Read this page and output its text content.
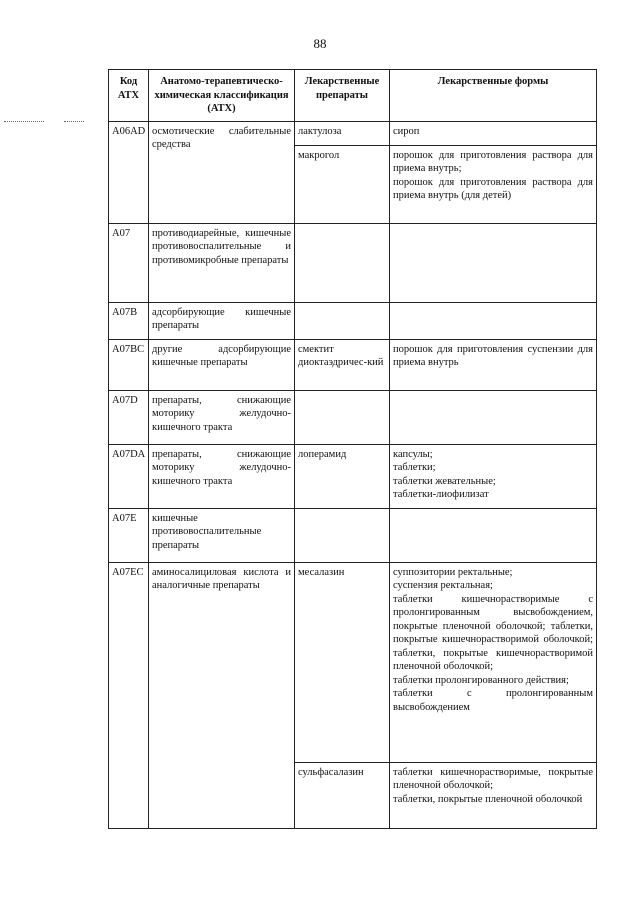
88
Код АТХ	Анатомо-терапевтическо-химическая классификация (АТХ)	Лекарственные препараты	Лекарственные формы
A06AD	осмотические слабительные средства	лактулоза	сироп

		макрогол	порошок для приготовления раствора для приема внутрь;
порошок для приготовления раствора для приема внутрь (для детей)

A07	противодиарейные, кишечные противовоспалительные и противомикробные препараты		
A07B	адсорбирующие кишечные препараты		
A07BC	другие адсорбирующие кишечные препараты	смектит диоктаэдричес-кий	порошок для приготовления суспензии для приема внутрь

A07D	препараты, снижающие моторику желудочно-кишечного тракта		
A07DA	препараты, снижающие моторику желудочно-кишечного тракта	лоперамид	капсулы;
таблетки;
таблетки жевательные;
таблетки-лиофилизат

A07E	кишечные противовоспалительные препараты		
A07EC	аминосалициловая кислота и аналогичные препараты	месалазин	суппозитории ректальные;
суспензия ректальная;
таблетки кишечнорастворимые с пролонгированным высвобождением, покрытые пленочной оболочкой; таблетки, покрытые кишечнорастворимой оболочкой; таблетки, покрытые кишечнорастворимой пленочной оболочкой;
таблетки пролонгированного действия;
таблетки с пролонгированным высвобождением

		сульфасалазин	таблетки кишечнорастворимые, покрытые пленочной оболочкой;
таблетки, покрытые пленочной оболочкой
